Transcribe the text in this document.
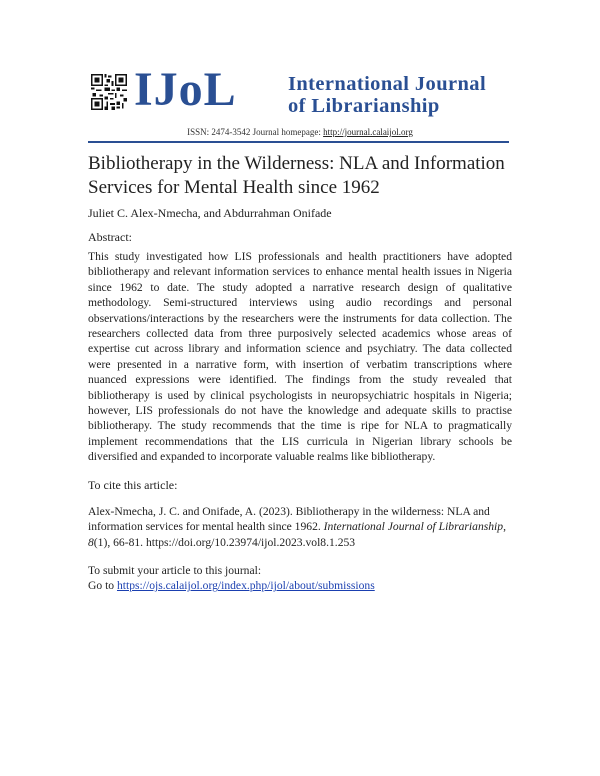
IJoL	International Journal
of Librarianship
ISSN: 2474-3542 Journal homepage: http://journal.calaijol.org
Bibliotherapy in the Wilderness: NLA and Information Services for Mental Health since 1962
Juliet C. Alex-Nmecha, and Abdurrahman Onifade
Abstract:

This study investigated how LIS professionals and health practitioners have adopted bibliotherapy and relevant information services to enhance mental health issues in Nigeria since 1962 to date. The study adopted a narrative research design of qualitative methodology. Semi-structured interviews using audio recordings and personal observations/interactions by the researchers were the instruments for data collection. The researchers collected data from three purposively selected academics whose areas of expertise cut across library and information science and psychiatry. The data collected were presented in a narrative form, with insertion of verbatim transcriptions where nuanced expressions were identified. The findings from the study revealed that bibliotherapy is used by clinical psychologists in neuropsychiatric hospitals in Nigeria; however, LIS professionals do not have the knowledge and adequate skills to practise bibliotherapy. The study recommends that the time is ripe for NLA to pragmatically implement recommendations that the LIS curricula in Nigerian library schools be diversified and expanded to incorporate valuable realms like bibliotherapy.

To cite this article:

Alex-Nmecha, J. C. and Onifade, A. (2023). Bibliotherapy in the wilderness: NLA and information services for mental health since 1962. International Journal of Librarianship, 8(1), 66-81. https://doi.org/10.23974/ijol.2023.vol8.1.253

To submit your article to this journal:
Go to https://ojs.calaijol.org/index.php/ijol/about/submissions
